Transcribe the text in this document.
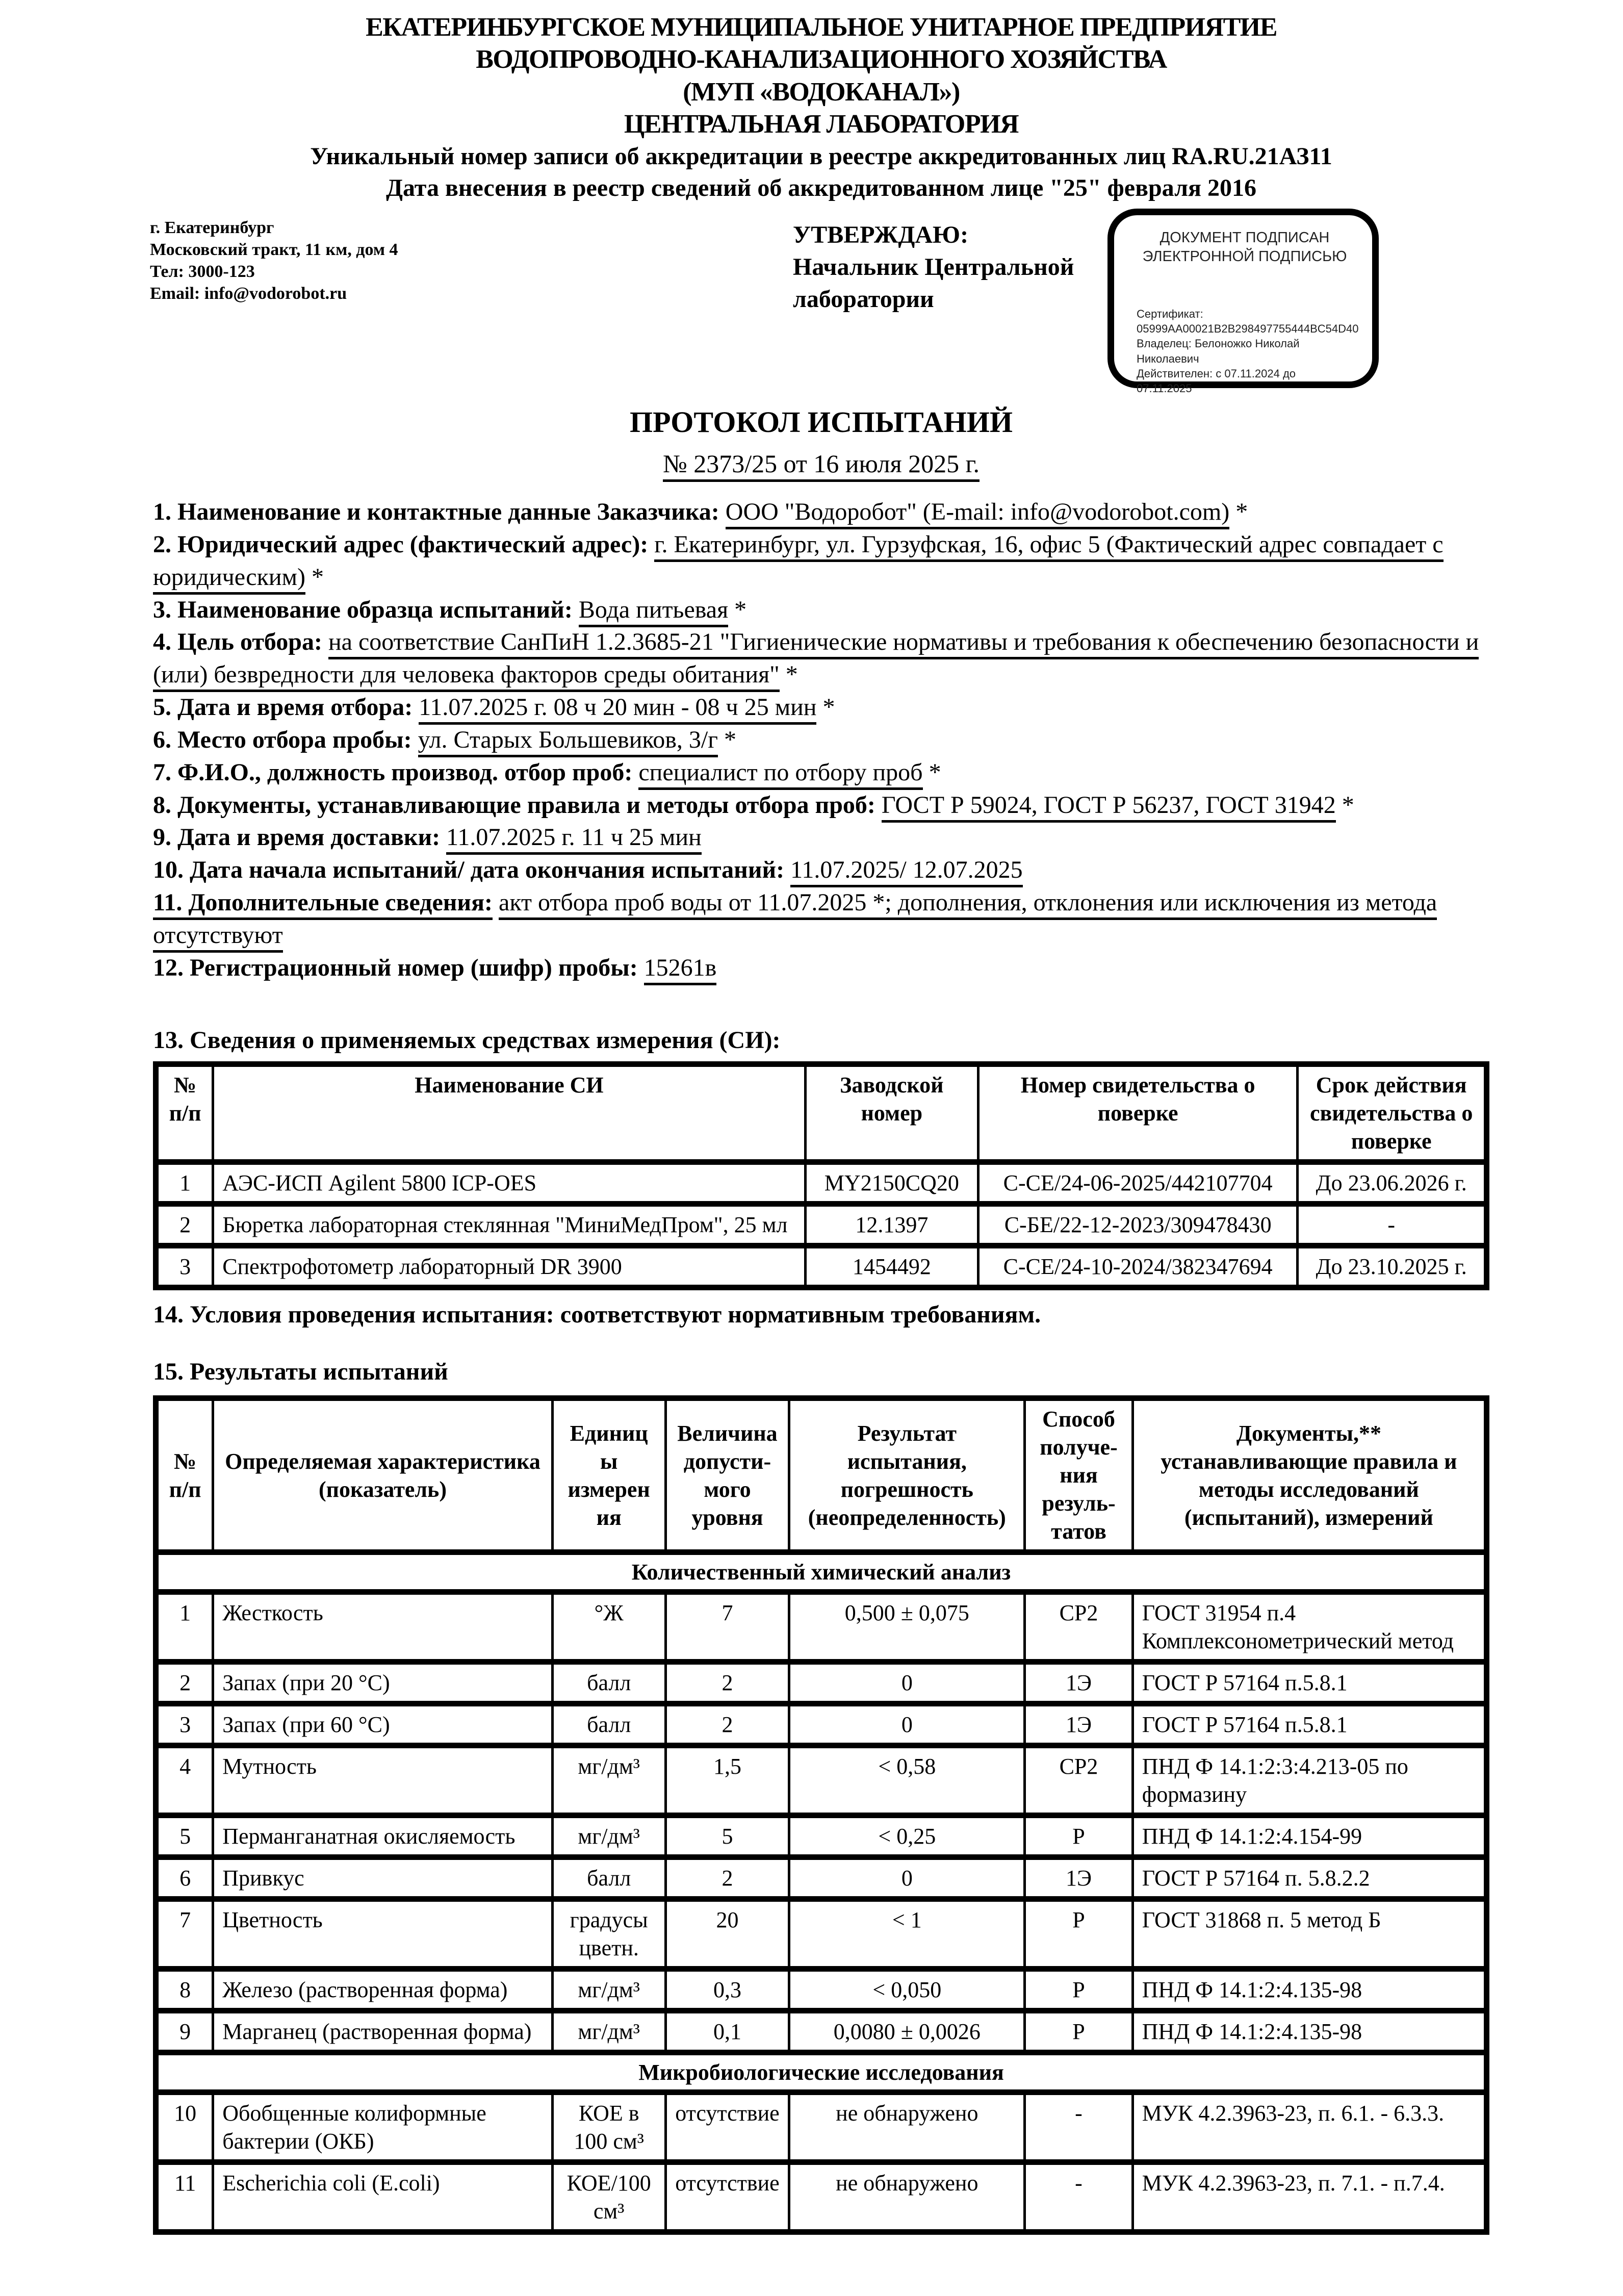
ЕКАТЕРИНБУРГСКОЕ МУНИЦИПАЛЬНОЕ УНИТАРНОЕ ПРЕДПРИЯТИЕ
ВОДОПРОВОДНО-КАНАЛИЗАЦИОННОГО ХОЗЯЙСТВА
(МУП «ВОДОКАНАЛ»)
ЦЕНТРАЛЬНАЯ ЛАБОРАТОРИЯ
Уникальный номер записи об аккредитации в реестре аккредитованных лиц RA.RU.21АЗ11
Дата внесения в реестр сведений об аккредитованном лице "25" февраля 2016
г. Екатеринбург
Московский тракт, 11 км, дом 4
Тел: 3000-123
Email: info@vodorobot.ru
УТВЕРЖДАЮ:
Начальник Центральной
лаборатории
ДОКУМЕНТ ПОДПИСАН
ЭЛЕКТРОННОЙ ПОДПИСЬЮ
Сертификат:
05999AA00021B2B298497755444BC54D40
Владелец: Белоножко Николай Николаевич
Действителен: с 07.11.2024 до 07.11.2025
ПРОТОКОЛ ИСПЫТАНИЙ
№ 2373/25 от 16 июля 2025 г.

1. Наименование и контактные данные Заказчика: ООО "Водоробот" (E-mail: info@vodorobot.com) *

2. Юридический адрес (фактический адрес): г. Екатеринбург, ул. Гурзуфская, 16, офис 5 (Фактический адрес совпадает с юридическим) *

3. Наименование образца испытаний: Вода питьевая *

4. Цель отбора: на соответствие СанПиН 1.2.3685-21 "Гигиенические нормативы и требования к обеспечению безопасности и (или) безвредности для человека факторов среды обитания" *

5. Дата и время отбора: 11.07.2025 г. 08 ч 20 мин - 08 ч 25 мин *

6. Место отбора пробы: ул. Старых Большевиков, 3/г *

7. Ф.И.О., должность производ. отбор проб: специалист по отбору проб *

8. Документы, устанавливающие правила и методы отбора проб: ГОСТ Р 59024, ГОСТ Р 56237, ГОСТ 31942 *

9. Дата и время доставки: 11.07.2025 г. 11 ч 25 мин

10. Дата начала испытаний/ дата окончания испытаний: 11.07.2025/ 12.07.2025

11. Дополнительные сведения: акт отбора проб воды от 11.07.2025 *; дополнения, отклонения или исключения из метода отсутствуют

12. Регистрационный номер (шифр) пробы: 15261в

13. Сведения о применяемых средствах измерения (СИ):
№ п/п	Наименование СИ	Заводской номер	Номер свидетельства о поверке	Срок действия свидетельства о поверке
1	АЭС-ИСП Agilent 5800 ICP-OES	MY2150CQ20	С-СЕ/24-06-2025/442107704	До 23.06.2026 г.
2	Бюретка лабораторная стеклянная "МиниМедПром", 25 мл	12.1397	С-БЕ/22-12-2023/309478430	-
3	Спектрофотометр лабораторный DR 3900	1454492	С-СЕ/24-10-2024/382347694	До 23.10.2025 г.
14. Условия проведения испытания: соответствуют нормативным требованиям.
15. Результаты испытаний
№ п/п	Определяемая характеристика (показатель)	Единицы измерения	Величина допусти-мого уровня	Результат испытания, погрешность (неопределенность)	Способ получе-ния резуль-татов	Документы,** устанавливающие правила и методы исследований (испытаний), измерений
Количественный химический анализ						
1	Жесткость	°Ж	7	0,500 ± 0,075	СР2	ГОСТ 31954 п.4 Комплексонометрический метод
2	Запах (при 20 °С)	балл	2	0	1Э	ГОСТ Р 57164 п.5.8.1
3	Запах (при 60 °С)	балл	2	0	1Э	ГОСТ Р 57164 п.5.8.1
4	Мутность	мг/дм³	1,5	< 0,58	СР2	ПНД Ф 14.1:2:3:4.213-05 по формазину
5	Перманганатная окисляемость	мг/дм³	5	< 0,25	Р	ПНД Ф 14.1:2:4.154-99
6	Привкус	балл	2	0	1Э	ГОСТ Р 57164 п. 5.8.2.2
7	Цветность	градусы цветн.	20	< 1	Р	ГОСТ 31868 п. 5 метод Б
8	Железо (растворенная форма)	мг/дм³	0,3	< 0,050	Р	ПНД Ф 14.1:2:4.135-98
9	Марганец (растворенная форма)	мг/дм³	0,1	0,0080 ± 0,0026	Р	ПНД Ф 14.1:2:4.135-98
Микробиологические исследования						
10	Обобщенные колиформные бактерии (ОКБ)	КОЕ в 100 см³	отсутствие	не обнаружено	-	МУК 4.2.3963-23, п. 6.1. - 6.3.3.
11	Escherichia coli (E.coli)	КОЕ/100 см³	отсутствие	не обнаружено	-	МУК 4.2.3963-23, п. 7.1. - п.7.4.
